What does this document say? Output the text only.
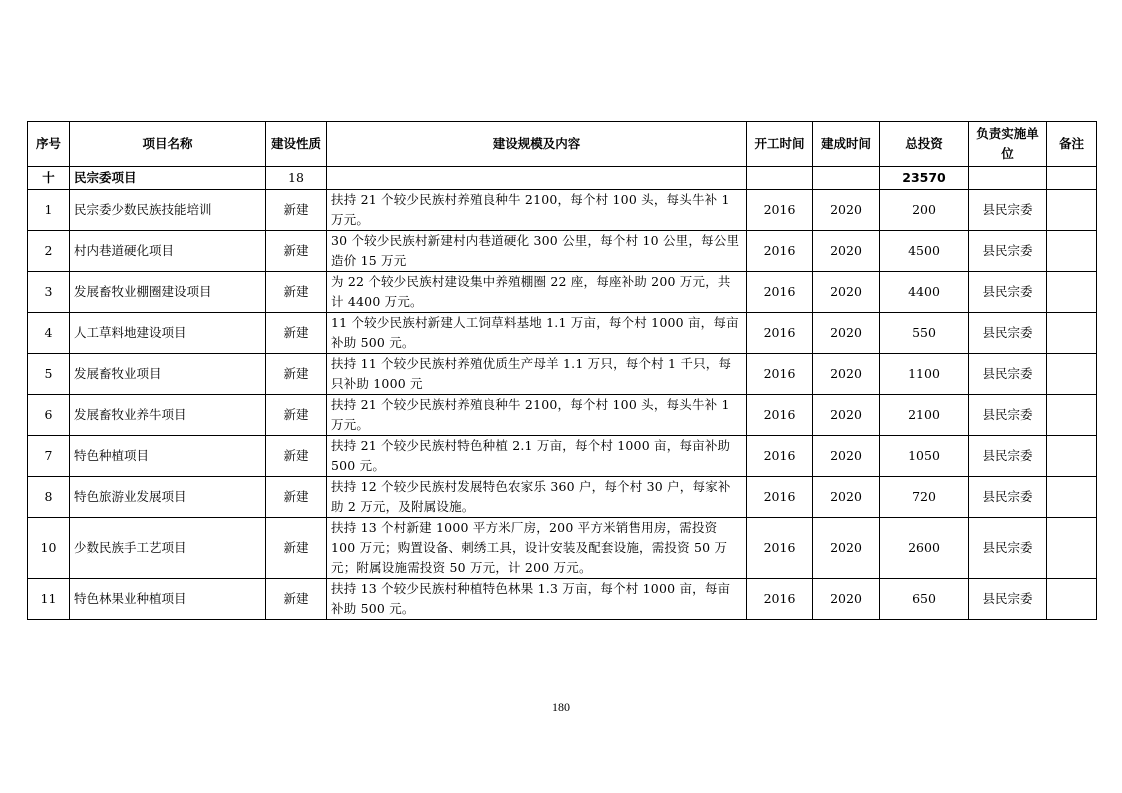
序号	项目名称	建设性质	建设规模及内容	开工时间	建成时间	总投资	负责实施单位	备注
十	民宗委项目	18				23570		
1	民宗委少数民族技能培训	新建	扶持 21 个较少民族村养殖良种牛 2100，每个村 100 头，每头牛补 1 万元。	2016	2020	200	县民宗委	
2	村内巷道硬化项目	新建	30 个较少民族村新建村内巷道硬化 300 公里，每个村 10 公里，每公里造价 15 万元	2016	2020	4500	县民宗委	
3	发展畜牧业棚圈建设项目	新建	为 22 个较少民族村建设集中养殖棚圈 22 座，每座补助 200 万元，共计 4400 万元。	2016	2020	4400	县民宗委	
4	人工草料地建设项目	新建	11 个较少民族村新建人工饲草料基地 1.1 万亩，每个村 1000 亩，每亩补助 500 元。	2016	2020	550	县民宗委	
5	发展畜牧业项目	新建	扶持 11 个较少民族村养殖优质生产母羊 1.1 万只，每个村 1 千只，每只补助 1000 元	2016	2020	1100	县民宗委	
6	发展畜牧业养牛项目	新建	扶持 21 个较少民族村养殖良种牛 2100，每个村 100 头，每头牛补 1 万元。	2016	2020	2100	县民宗委	
7	特色种植项目	新建	扶持 21 个较少民族村特色种植 2.1 万亩，每个村 1000 亩，每亩补助 500 元。	2016	2020	1050	县民宗委	
8	特色旅游业发展项目	新建	扶持 12 个较少民族村发展特色农家乐 360 户，每个村 30 户，每家补助 2 万元，及附属设施。	2016	2020	720	县民宗委	
10	少数民族手工艺项目	新建	扶持 13 个村新建 1000 平方米厂房，200 平方米销售用房，需投资 100 万元；购置设备、刺绣工具，设计安装及配套设施，需投资 50 万元；附属设施需投资 50 万元，计 200 万元。	2016	2020	2600	县民宗委	
11	特色林果业种植项目	新建	扶持 13 个较少民族村种植特色林果 1.3 万亩，每个村 1000 亩，每亩补助 500 元。	2016	2020	650	县民宗委	
180
